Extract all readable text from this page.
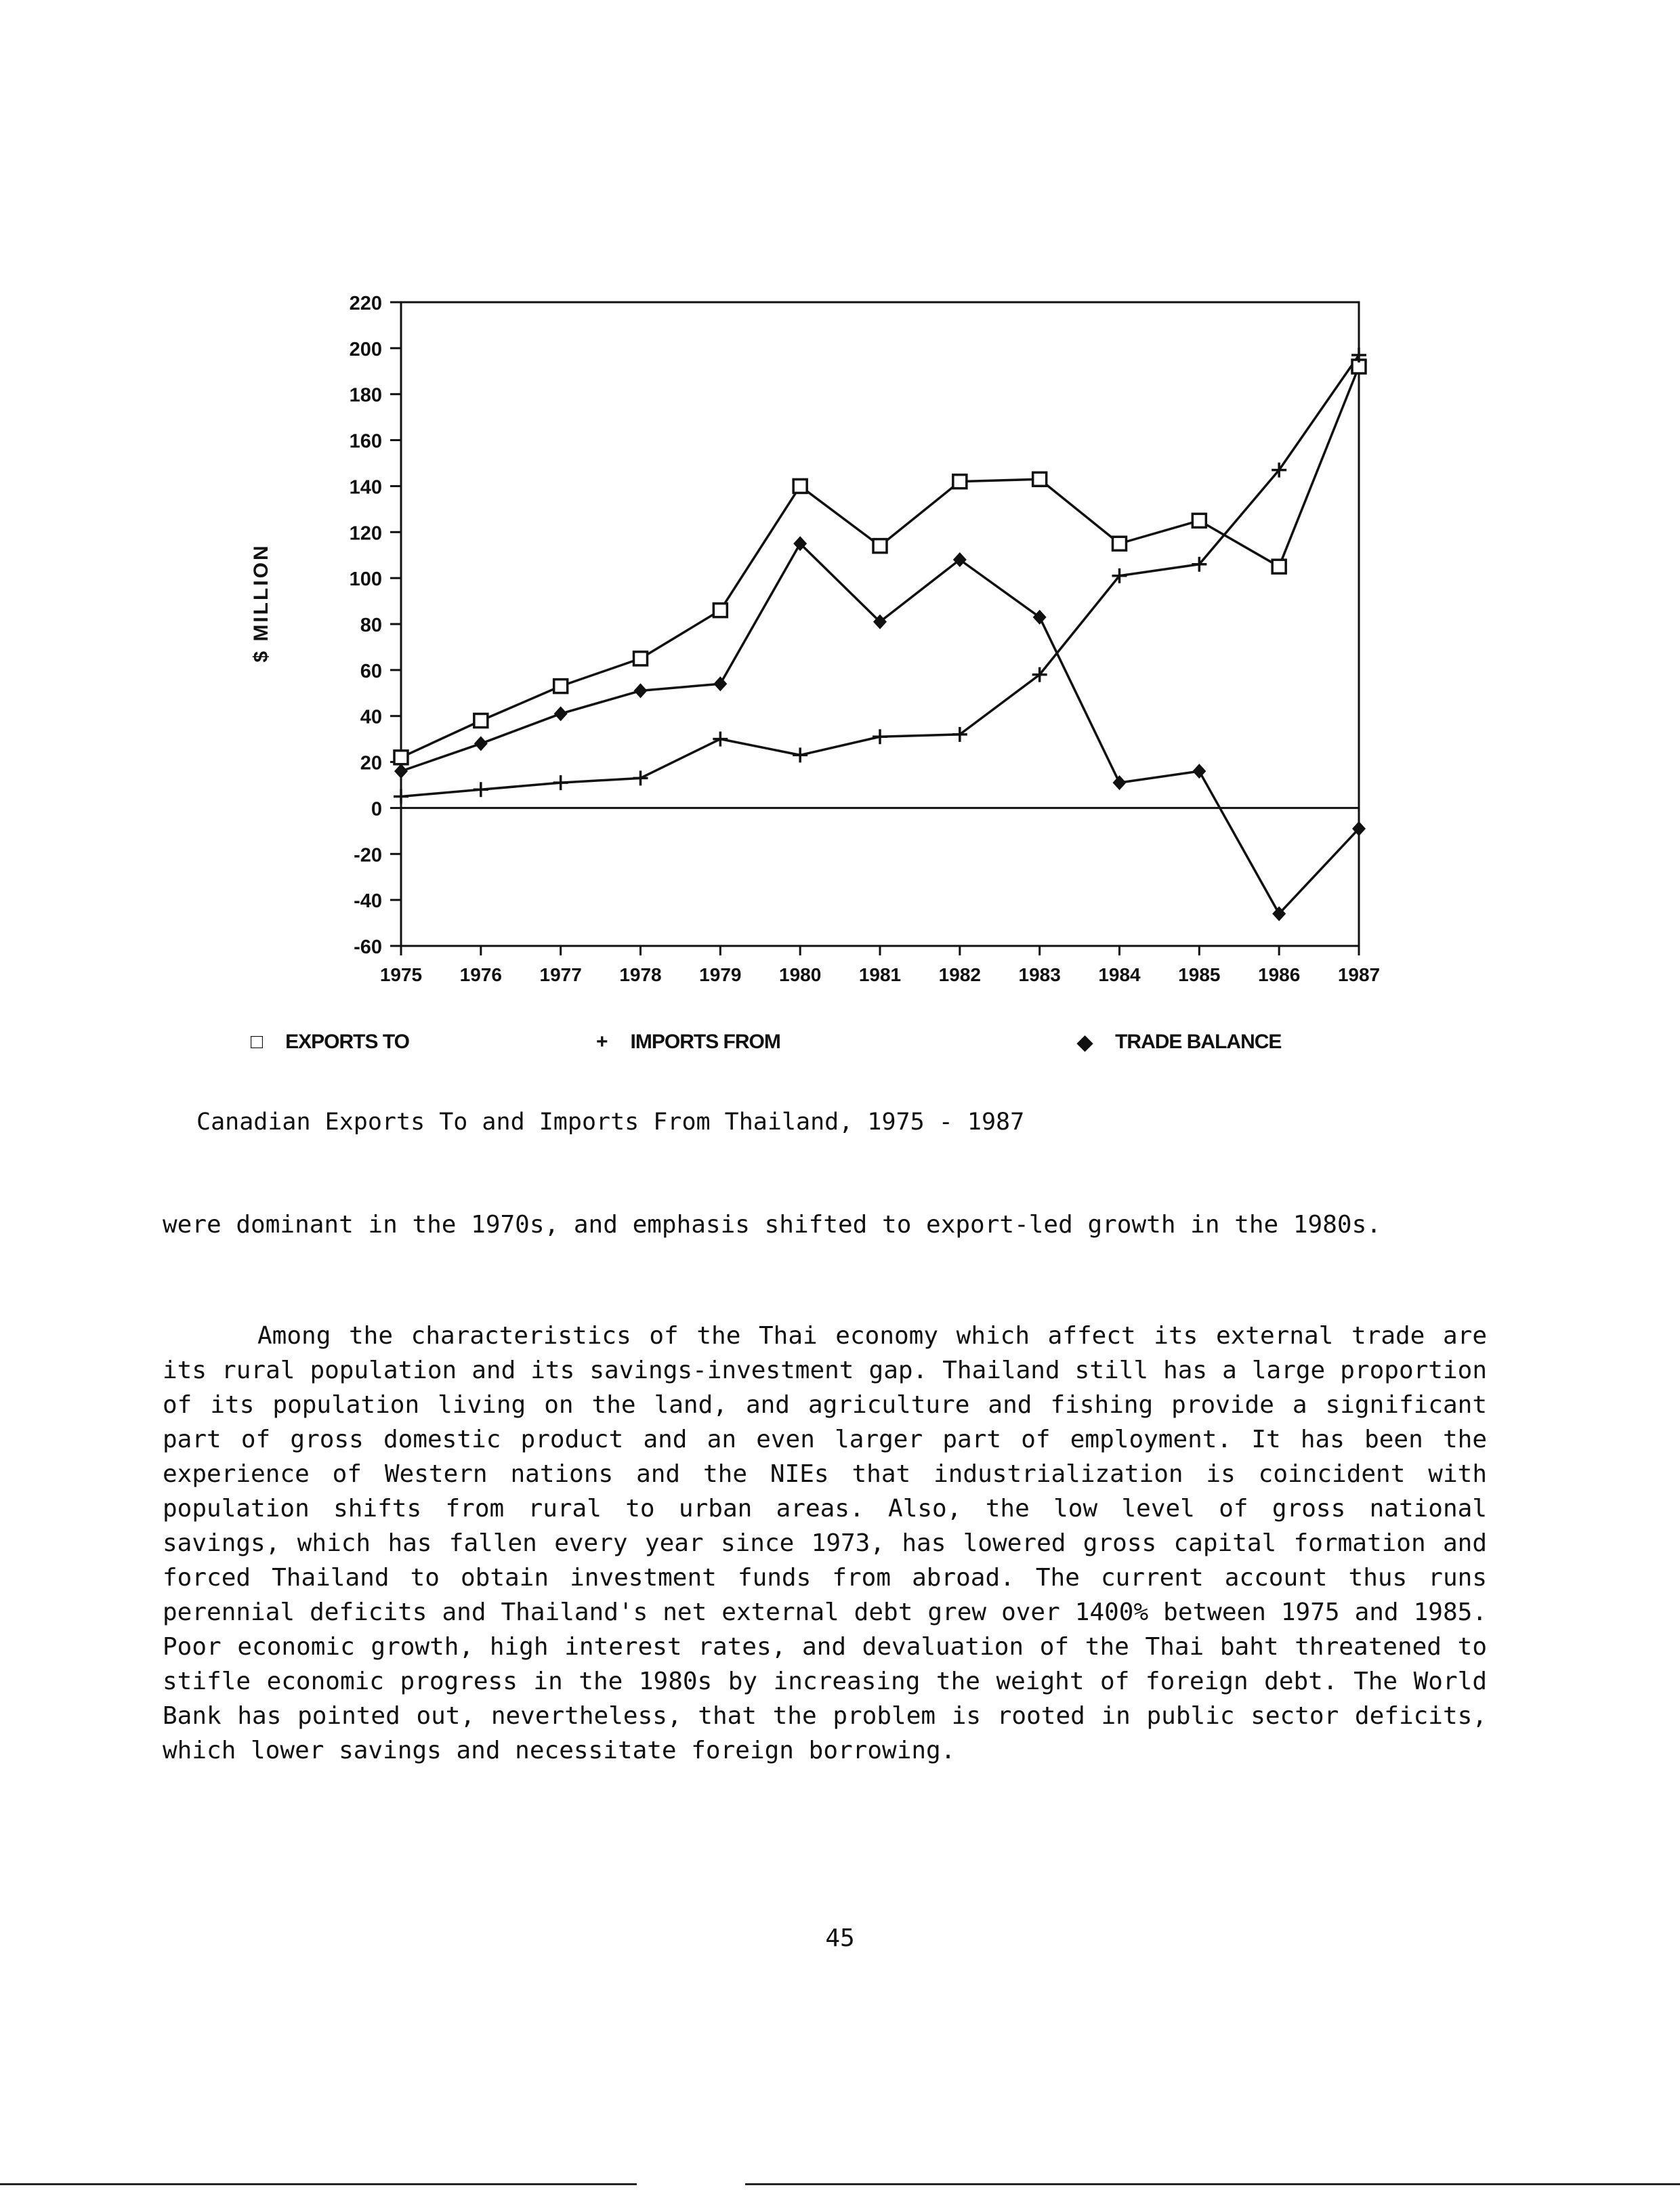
220
200
180
160
140
120
100
80
60
40
20
0
-20
-40
-60
1975 1976 1977 1978 1979 1980 1981 1982 1983 1984 1985 1986 1987
$ MILLION
□ EXPORTS TO	+ IMPORTS FROM	◆ TRADE BALANCE
Canadian Exports To and Imports From Thailand, 1975 - 1987

were dominant in the 1970s, and emphasis shifted to export-led growth in the 1980s.

Among the characteristics of the Thai economy which affect its external trade are its rural population and its savings-investment gap. Thailand still has a large proportion of its population living on the land, and agriculture and fishing provide a significant part of gross domestic product and an even larger part of employment. It has been the experience of Western nations and the NIEs that industrialization is coincident with population shifts from rural to urban areas. Also, the low level of gross national savings, which has fallen every year since 1973, has lowered gross capital formation and forced Thailand to obtain investment funds from abroad. The current account thus runs perennial deficits and Thailand's net external debt grew over 1400% between 1975 and 1985. Poor economic growth, high interest rates, and devaluation of the Thai baht threatened to stifle economic progress in the 1980s by increasing the weight of foreign debt. The World Bank has pointed out, nevertheless, that the problem is rooted in public sector deficits, which lower savings and necessitate foreign borrowing.

45
